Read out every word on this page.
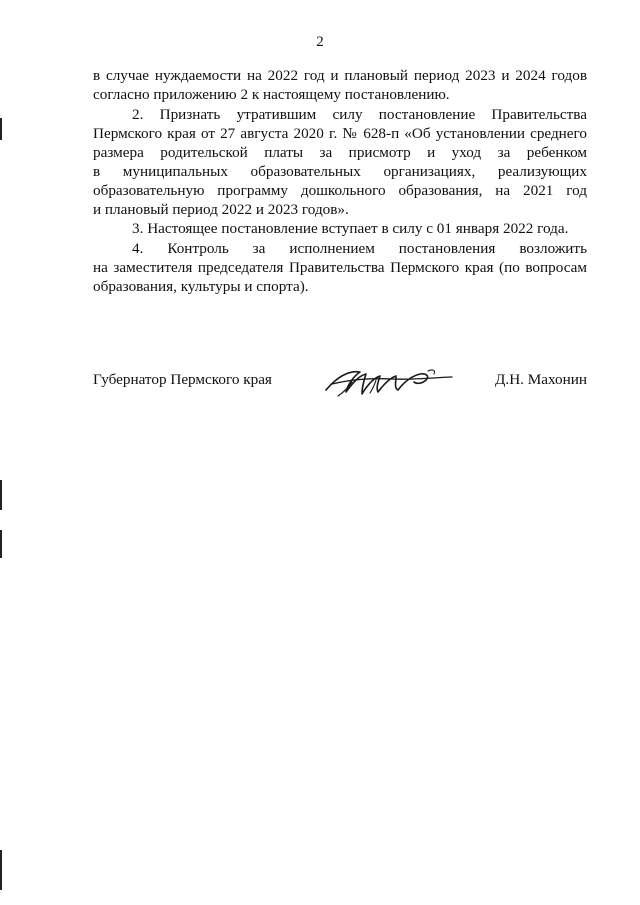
2
в случае нуждаемости на 2022 год и плановый период 2023 и 2024 годов
согласно приложению 2 к настоящему постановлению.
2. Признать утратившим силу постановление Правительства
Пермского края от 27 августа 2020 г. № 628-п «Об установлении среднего
размера родительской платы за присмотр и уход за ребенком
в муниципальных образовательных организациях, реализующих
образовательную программу дошкольного образования, на 2021 год
и плановый период 2022 и 2023 годов».
3. Настоящее постановление вступает в силу с 01 января 2022 года.
4. Контроль за исполнением постановления возложить
на заместителя председателя Правительства Пермского края (по вопросам
образования, культуры и спорта).
Губернатор Пермского края	Д.Н. Махонин
